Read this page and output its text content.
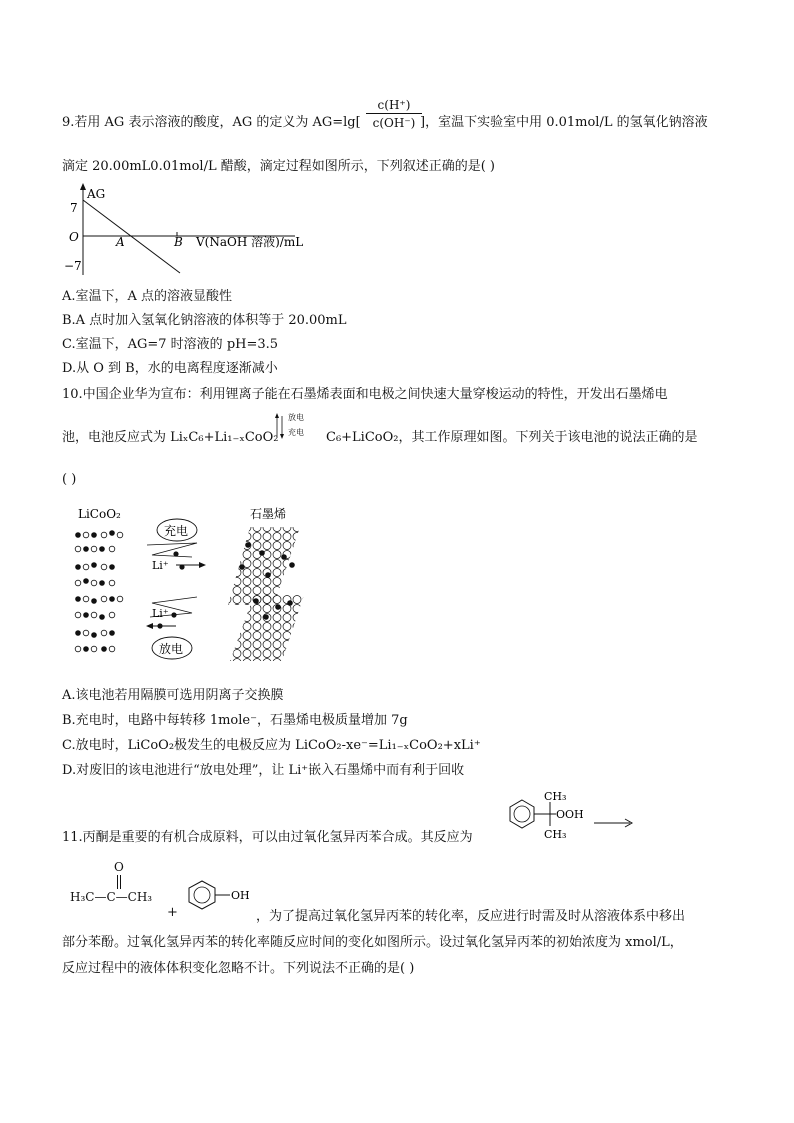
9.若用 AG 表示溶液的酸度，AG 的定义为 $AG=\lg[ \frac{c(H^+)}{c(OH^-)}$
]，室温下实验室中用 0.01mol/L 的氢氧化钠溶液
滴定 20.00mL0.01mol/L 醋酸，滴定过程如图所示，下列叙述正确的是( )
AG
7
O
−7
A	B V(NaOH 溶液)/mL
A.室温下，A 点的溶液显酸性
B.A 点时加入氢氧化钠溶液的体积等于 20.00mL
C.室温下，AG=7 时溶液的 pH=3.5
D.从 O 到 B，水的电离程度逐渐减小
10.中国企业华为宣布：利用锂离子能在石墨烯表面和电极之间快速大量穿梭运动的特性，开发出石墨烯电
池，电池反应式为 LiₓC₆+Li₁₋ₓCoO₂
放电
充电 C₆+LiCoO₂，其工作原理如图。下列关于该电池的说法正确的是
( )
LiCoO₂	石墨烯
充电
Li⁺
Li⁺
放电
A.该电池若用隔膜可选用阴离子交换膜
B.充电时，电路中每转移 1mole⁻，石墨烯电极质量增加 7g
C.放电时，LiCoO₂极发生的电极反应为 LiCoO₂-xe⁻=Li₁₋ₓCoO₂+xLi⁺
D.对废旧的该电池进行“放电处理”，让 Li⁺嵌入石墨烯中而有利于回收
11.丙酮是重要的有机合成原料，可以由过氧化氢异丙苯合成。其反应为
CH₃
OOH
CH₃
O
H₃C—C—CH₃
+
OH
，为了提高过氧化氢异丙苯的转化率，反应进行时需及时从溶液体系中移出
部分苯酚。过氧化氢异丙苯的转化率随反应时间的变化如图所示。设过氧化氢异丙苯的初始浓度为 xmol/L，
反应过程中的液体体积变化忽略不计。下列说法不正确的是( )
